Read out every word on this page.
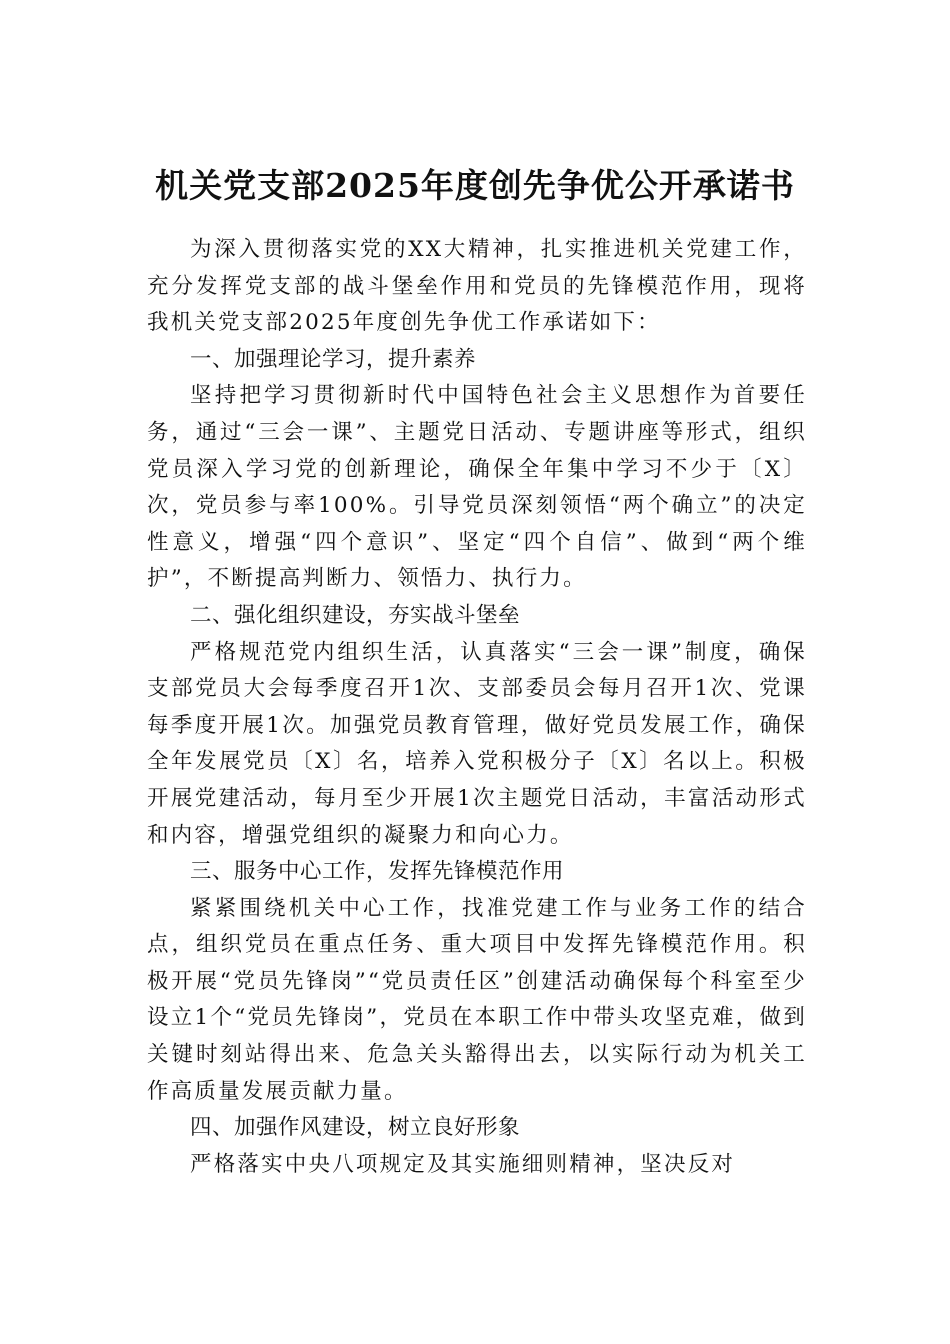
机关党支部2025年度创先争优公开承诺书

为深入贯彻落实党的XX大精神，扎实推进机关党建工作，充分发挥党支部的战斗堡垒作用和党员的先锋模范作用，现将我机关党支部2025年度创先争优工作承诺如下：

一、加强理论学习，提升素养

坚持把学习贯彻新时代中国特色社会主义思想作为首要任务，通过“三会一课”、主题党日活动、专题讲座等形式，组织党员深入学习党的创新理论，确保全年集中学习不少于〔X〕次，党员参与率100%。引导党员深刻领悟“两个确立”的决定性意义，增强“四个意识”、坚定“四个自信”、做到“两个维护”，不断提高判断力、领悟力、执行力。

二、强化组织建设，夯实战斗堡垒

严格规范党内组织生活，认真落实“三会一课”制度，确保支部党员大会每季度召开1次、支部委员会每月召开1次、党课每季度开展1次。加强党员教育管理，做好党员发展工作，确保全年发展党员〔X〕名，培养入党积极分子〔X〕名以上。积极开展党建活动，每月至少开展1次主题党日活动，丰富活动形式和内容，增强党组织的凝聚力和向心力。

三、服务中心工作，发挥先锋模范作用

紧紧围绕机关中心工作，找准党建工作与业务工作的结合点，组织党员在重点任务、重大项目中发挥先锋模范作用。积极开展“党员先锋岗”“党员责任区”创建活动确保每个科室至少设立1个“党员先锋岗”，党员在本职工作中带头攻坚克难，做到关键时刻站得出来、危急关头豁得出去，以实际行动为机关工作高质量发展贡献力量。

四、加强作风建设，树立良好形象

严格落实中央八项规定及其实施细则精神，坚决反对
